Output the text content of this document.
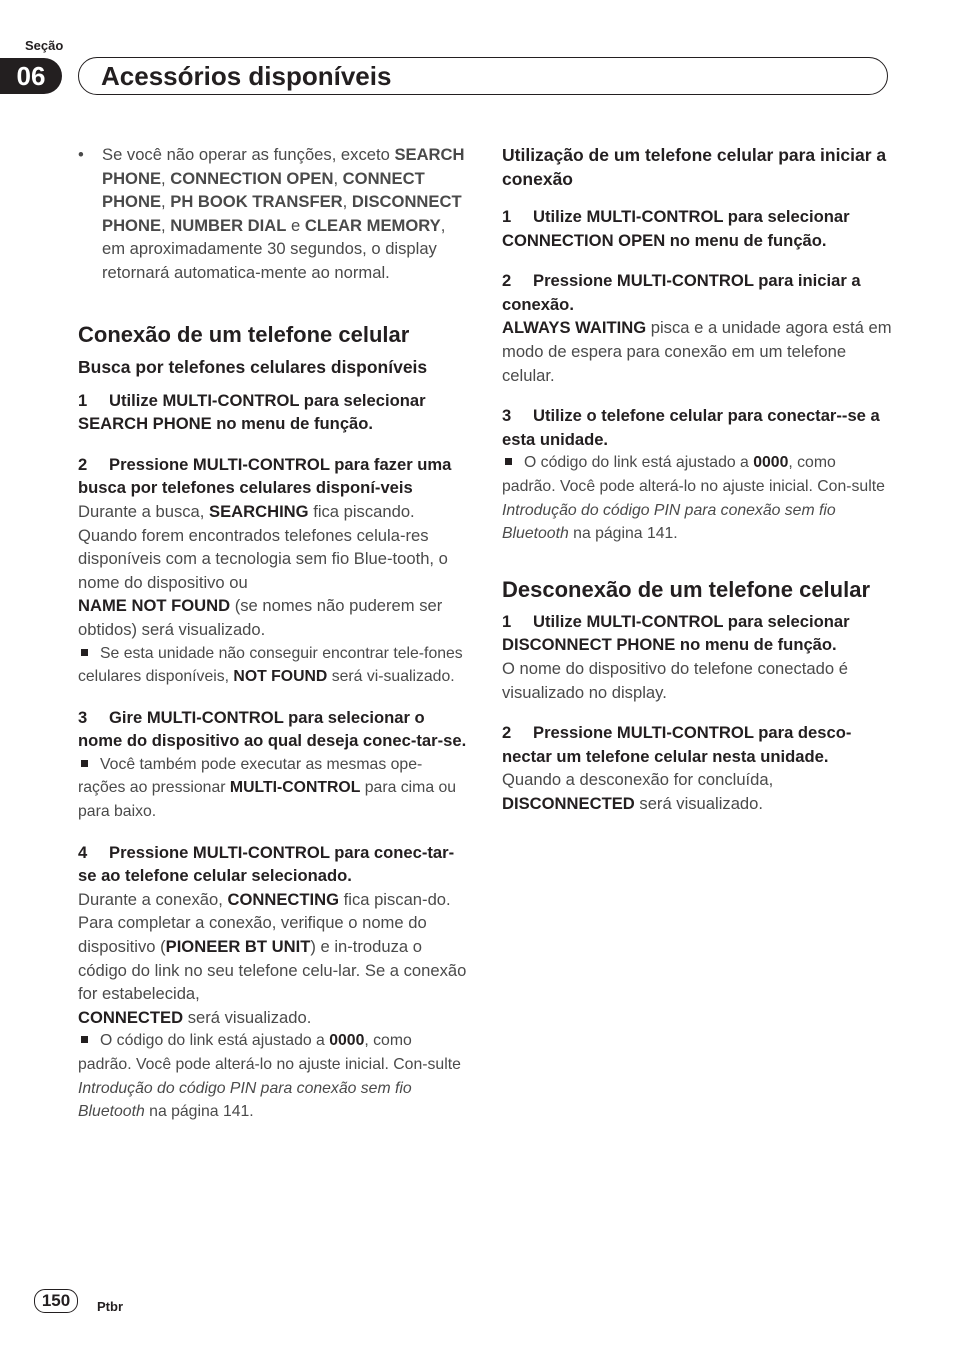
Seção
06	Acessórios disponíveis
• Se você não operar as funções, exceto SEARCH PHONE, CONNECTION OPEN, CONNECT PHONE, PH BOOK TRANSFER, DISCONNECT PHONE, NUMBER DIAL e CLEAR MEMORY, em aproximadamente 30 segundos, o display retornará automatica-mente ao normal.

Conexão de um telefone celular
Busca por telefones celulares disponíveis

1 Utilize MULTI-CONTROL para selecionar SEARCH PHONE no menu de função.

2 Pressione MULTI-CONTROL para fazer uma busca por telefones celulares disponí-veis

Durante a busca, SEARCHING fica piscando. Quando forem encontrados telefones celula-res disponíveis com a tecnologia sem fio Blue-tooth, o nome do dispositivo ou
NAME NOT FOUND (se nomes não puderem ser obtidos) será visualizado.

Se esta unidade não conseguir encontrar tele-fones celulares disponíveis, NOT FOUND será vi-sualizado.

3 Gire MULTI-CONTROL para selecionar o nome do dispositivo ao qual deseja conec-tar-se.

Você também pode executar as mesmas ope-rações ao pressionar MULTI-CONTROL para cima ou para baixo.

4 Pressione MULTI-CONTROL para conec-tar-se ao telefone celular selecionado.

Durante a conexão, CONNECTING fica piscan-do. Para completar a conexão, verifique o nome do dispositivo (PIONEER BT UNIT) e in-troduza o código do link no seu telefone celu-lar. Se a conexão for estabelecida,
CONNECTED será visualizado.

O código do link está ajustado a 0000, como padrão. Você pode alterá-lo no ajuste inicial. Con-sulte Introdução do código PIN para conexão sem fio Bluetooth na página 141.

Utilização de um telefone celular para iniciar a conexão

1 Utilize MULTI-CONTROL para selecionar CONNECTION OPEN no menu de função.

2 Pressione MULTI-CONTROL para iniciar a conexão.

ALWAYS WAITING pisca e a unidade agora está em modo de espera para conexão em um telefone celular.

3 Utilize o telefone celular para conectar--se a esta unidade.

O código do link está ajustado a 0000, como padrão. Você pode alterá-lo no ajuste inicial. Con-sulte Introdução do código PIN para conexão sem fio Bluetooth na página 141.

Desconexão de um telefone celular

1 Utilize MULTI-CONTROL para selecionar DISCONNECT PHONE no menu de função.

O nome do dispositivo do telefone conectado é visualizado no display.

2 Pressione MULTI-CONTROL para desco-nectar um telefone celular nesta unidade.

Quando a desconexão for concluída,
DISCONNECTED será visualizado.

150	Ptbr
